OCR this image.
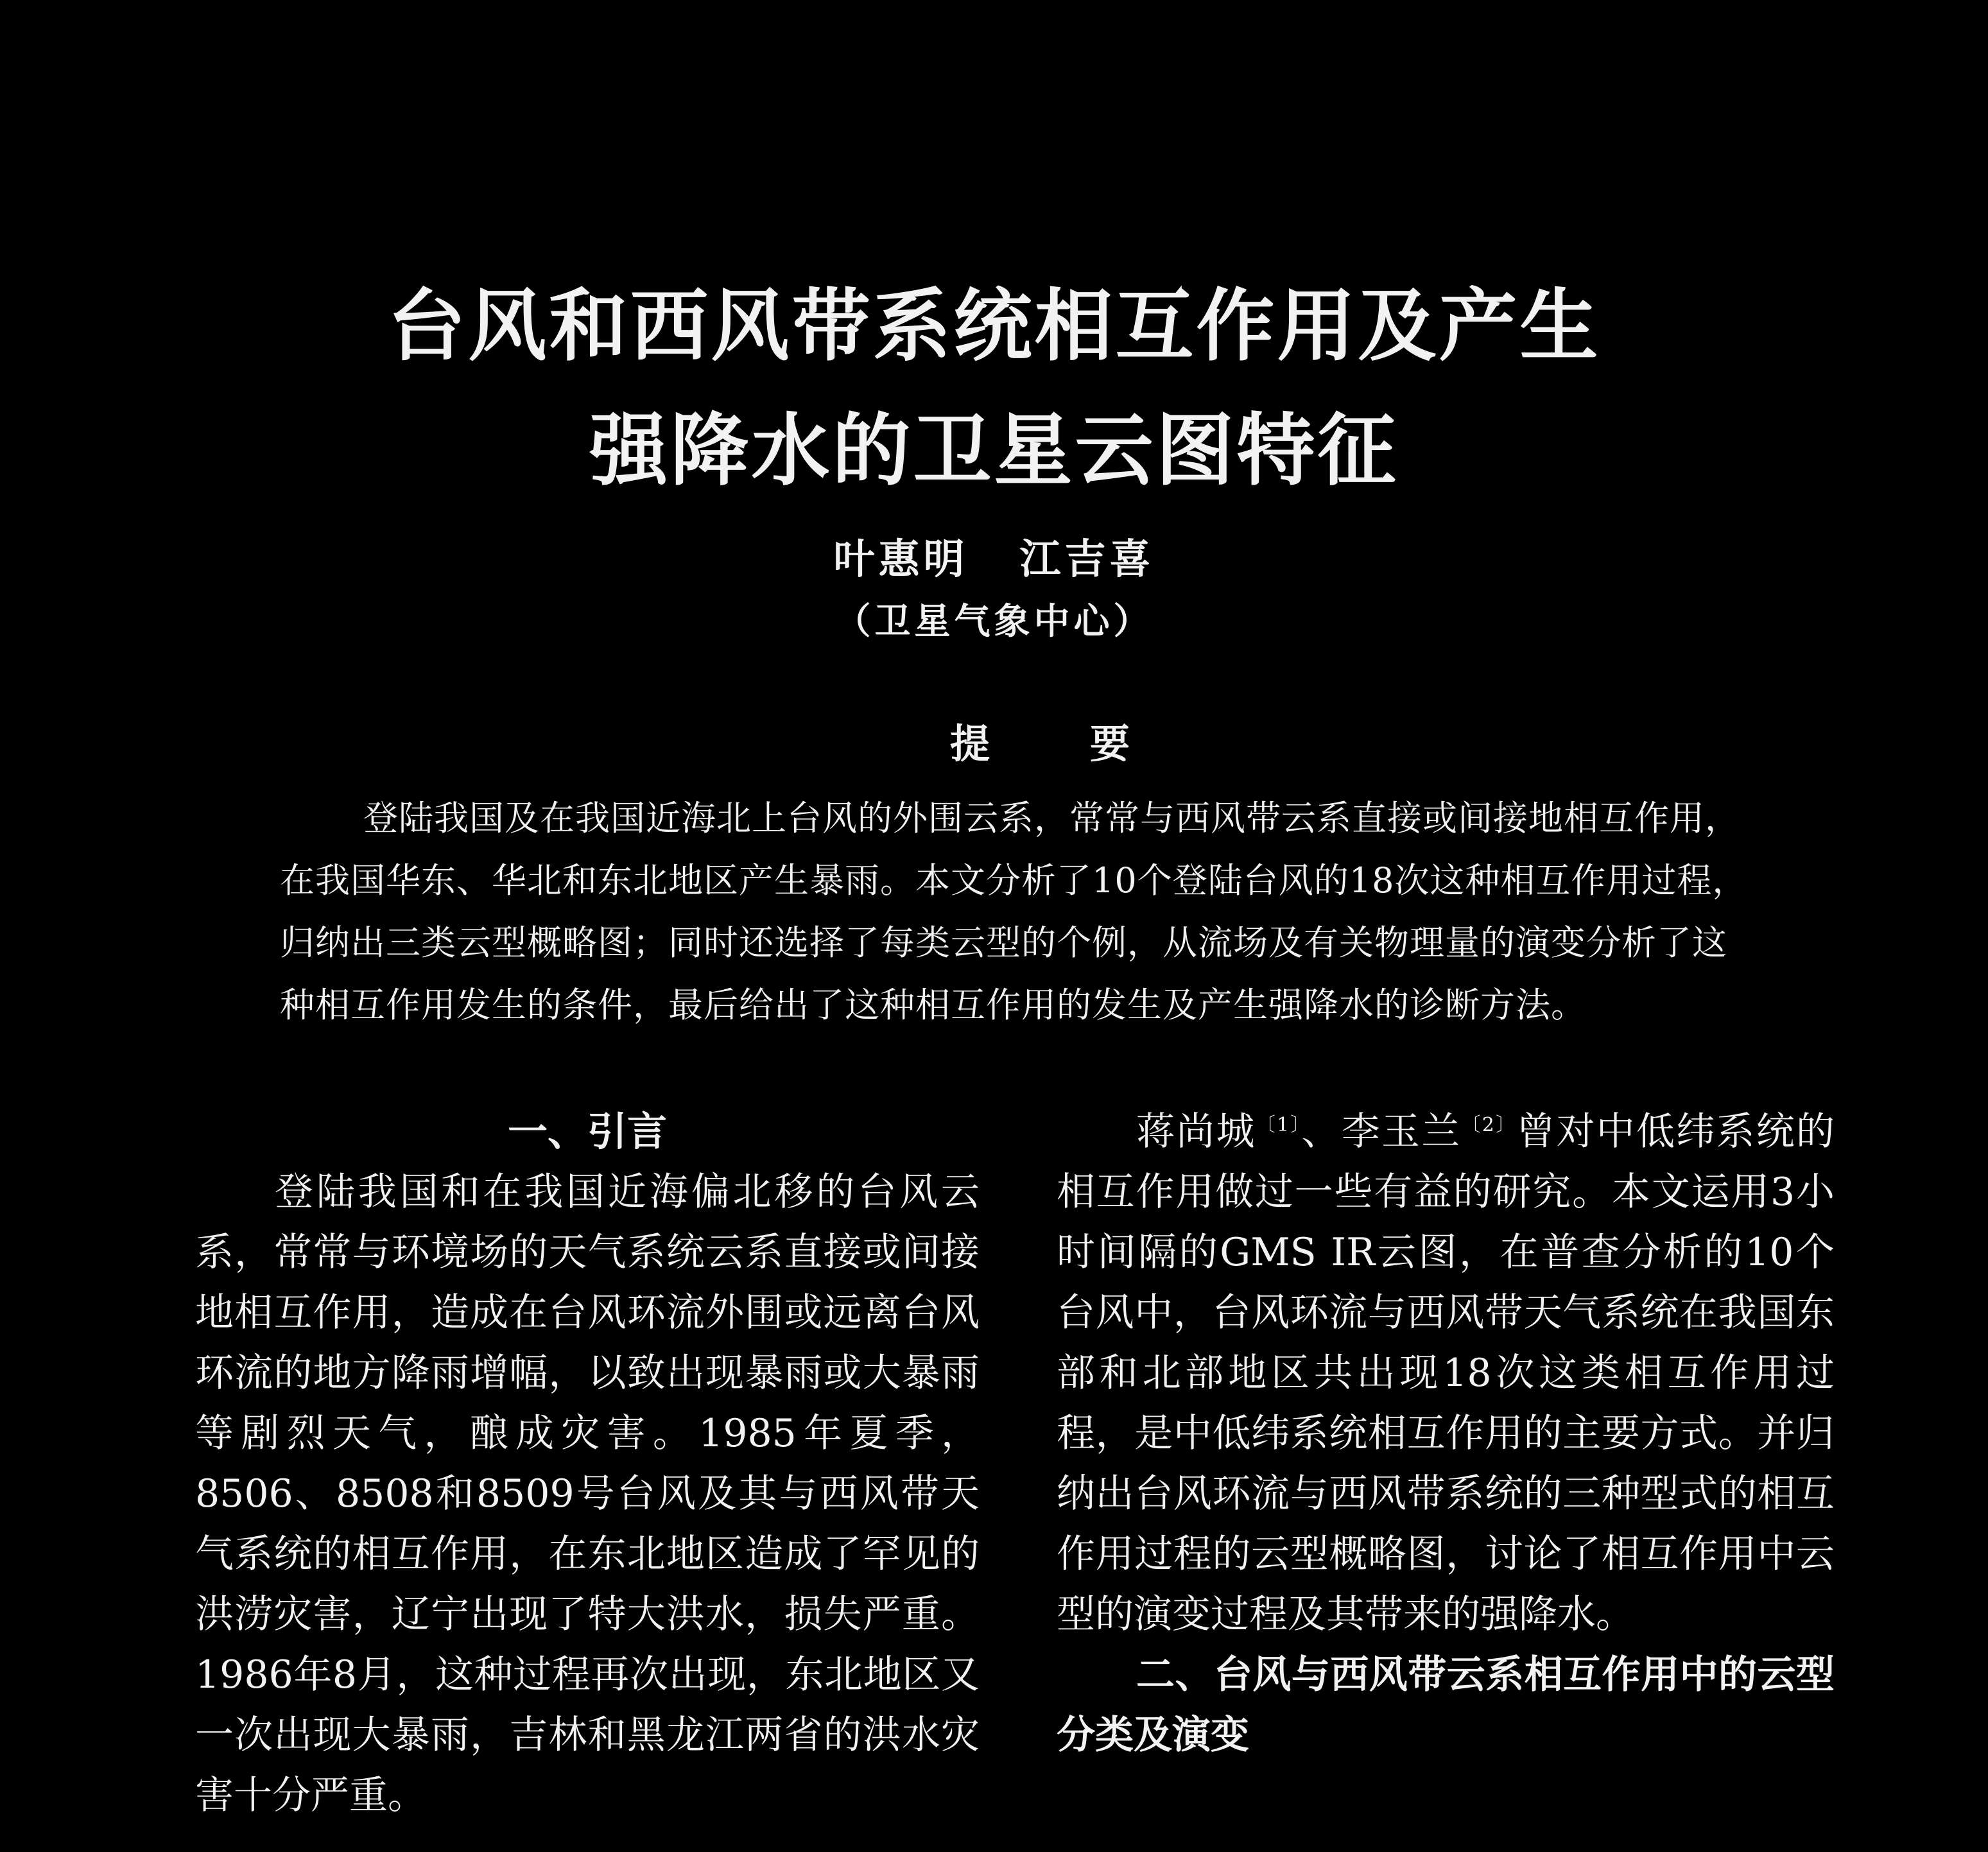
台风和西风带系统相互作用及产生
强降水的卫星云图特征
叶惠明 江吉喜
（卫星气象中心）
提	要

登陆我国及在我国近海北上台风的外围云系，常常与西风带云系直接或间接地相互作用，在我国华东、华北和东北地区产生暴雨。本文分析了10个登陆台风的18次这种相互作用过程，归纳出三类云型概略图；同时还选择了每类云型的个例，从流场及有关物理量的演变分析了这种相互作用发生的条件，最后给出了这种相互作用的发生及产生强降水的诊断方法。

一、引言

登陆我国和在我国近海偏北移的台风云系，常常与环境场的天气系统云系直接或间接地相互作用，造成在台风环流外围或远离台风环流的地方降雨增幅，以致出现暴雨或大暴雨等剧烈天气，酿成灾害。1985年夏季，8506、8508和8509号台风及其与西风带天气系统的相互作用，在东北地区造成了罕见的洪涝灾害，辽宁出现了特大洪水，损失严重。1986年8月，这种过程再次出现，东北地区又一次出现大暴雨，吉林和黑龙江两省的洪水灾害十分严重。

蒋尚城$^{〔1〕}$、李玉兰$^{〔2〕}$曾对中低纬系统的相互作用做过一些有益的研究。本文运用3小时间隔的GMS IR云图，在普查分析的10个台风中，台风环流与西风带天气系统在我国东部和北部地区共出现18次这类相互作用过程，是中低纬系统相互作用的主要方式。并归纳出台风环流与西风带系统的三种型式的相互作用过程的云型概略图，讨论了相互作用中云型的演变过程及其带来的强降水。

二、台风与西风带云系相互作用中的云型分类及演变
